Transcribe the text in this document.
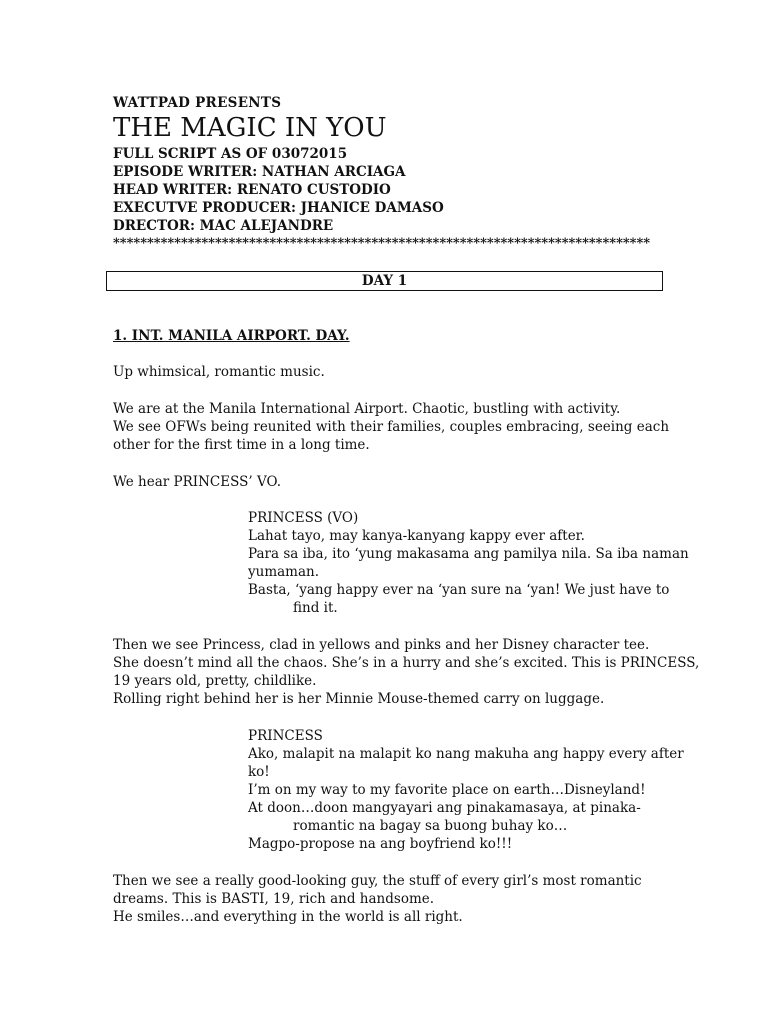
WATTPAD PRESENTS
THE MAGIC IN YOU
FULL SCRIPT AS OF 03072015
EPISODE WRITER: NATHAN ARCIAGA
HEAD WRITER: RENATO CUSTODIO
EXECUTVE PRODUCER: JHANICE DAMASO
DRECTOR: MAC ALEJANDRE
*******************************************************************************
DAY 1
1. INT. MANILA AIRPORT. DAY.
Up whimsical, romantic music.
We are at the Manila International Airport. Chaotic, bustling with activity.
We see OFWs being reunited with their families, couples embracing, seeing each
other for the first time in a long time.
We hear PRINCESS’ VO.
PRINCESS (VO)
Lahat tayo, may kanya-kanyang kappy ever after.
Para sa iba, ito ‘yung makasama ang pamilya nila. Sa iba naman
yumaman.
Basta, ‘yang happy ever na ‘yan sure na ‘yan! We just have to
find it.
Then we see Princess, clad in yellows and pinks and her Disney character tee.
She doesn’t mind all the chaos. She’s in a hurry and she’s excited. This is PRINCESS,
19 years old, pretty, childlike.
Rolling right behind her is her Minnie Mouse-themed carry on luggage.
PRINCESS
Ako, malapit na malapit ko nang makuha ang happy every after
ko!
I’m on my way to my favorite place on earth…Disneyland!
At doon…doon mangyayari ang pinakamasaya, at pinaka-
romantic na bagay sa buong buhay ko…
Magpo-propose na ang boyfriend ko!!!
Then we see a really good-looking guy, the stuff of every girl’s most romantic
dreams. This is BASTI, 19, rich and handsome.
He smiles…and everything in the world is all right.
